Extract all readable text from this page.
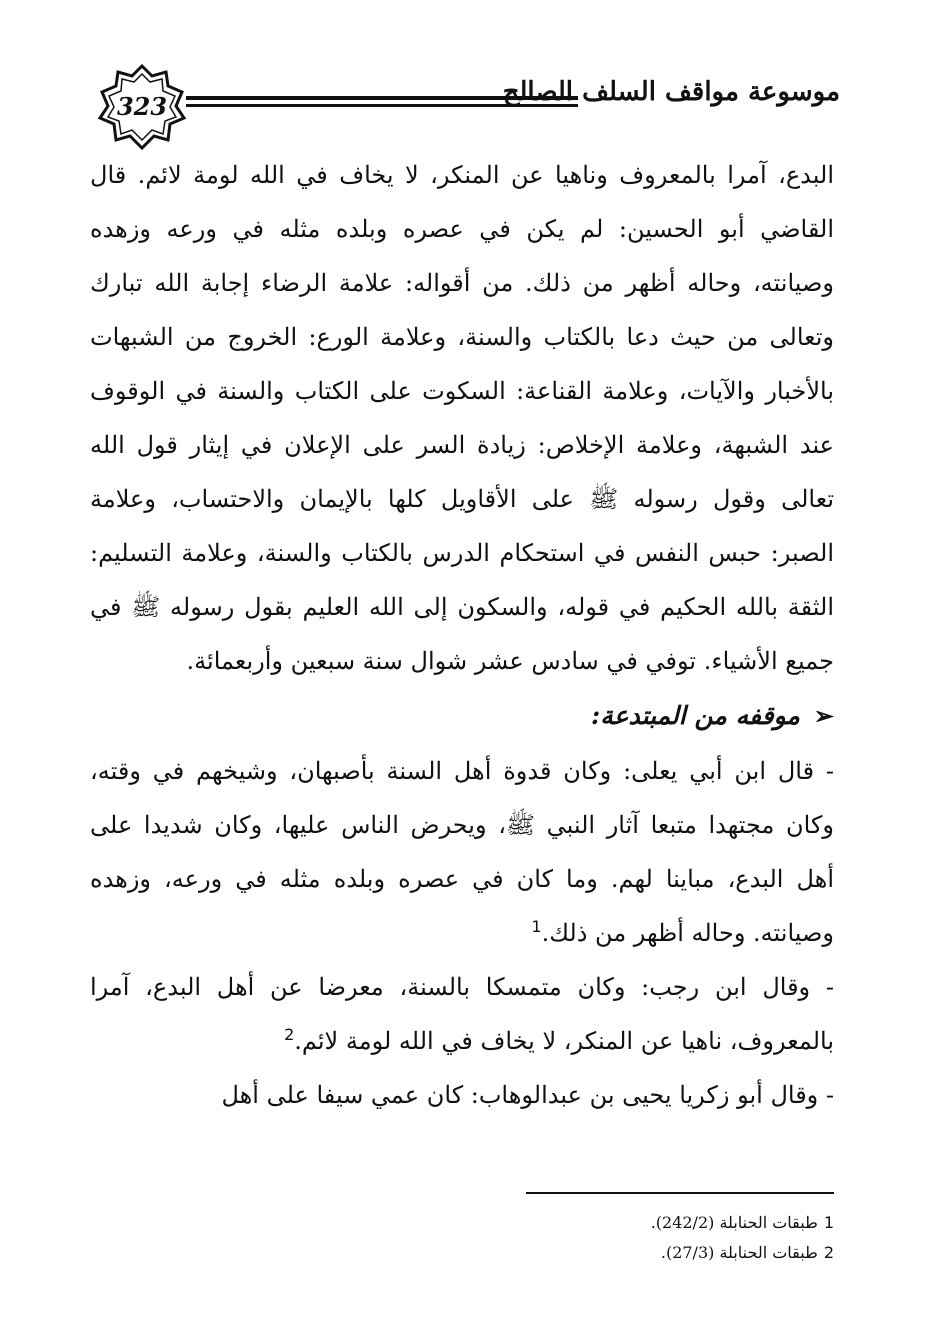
323	موسوعة مواقف السلف الصالح

البدع، آمرا بالمعروف وناهيا عن المنكر، لا يخاف في الله لومة لائم. قال القاضي أبو الحسين: لم يكن في عصره وبلده مثله في ورعه وزهده وصيانته، وحاله أظهر من ذلك. من أقواله: علامة الرضاء إجابة الله تبارك وتعالى من حيث دعا بالكتاب والسنة، وعلامة الورع: الخروج من الشبهات بالأخبار والآيات، وعلامة القناعة: السكوت على الكتاب والسنة في الوقوف عند الشبهة، وعلامة الإخلاص: زيادة السر على الإعلان في إيثار قول الله تعالى وقول رسوله ﷺ على الأقاويل كلها بالإيمان والاحتساب، وعلامة الصبر: حبس النفس في استحكام الدرس بالكتاب والسنة، وعلامة التسليم: الثقة بالله الحكيم في قوله، والسكون إلى الله العليم بقول رسوله ﷺ في جميع الأشياء. توفي في سادس عشر شوال سنة سبعين وأربعمائة.

➢موقفه من المبتدعة:

- قال ابن أبي يعلى: وكان قدوة أهل السنة بأصبهان، وشيخهم في وقته، وكان مجتهدا متبعا آثار النبي ﷺ، ويحرض الناس عليها، وكان شديدا على أهل البدع، مباينا لهم. وما كان في عصره وبلده مثله في ورعه، وزهده وصيانته. وحاله أظهر من ذلك.$^1$

- وقال ابن رجب: وكان متمسكا بالسنة، معرضا عن أهل البدع، آمرا بالمعروف، ناهيا عن المنكر، لا يخاف في الله لومة لائم.$^2$

- وقال أبو زكريا يحيى بن عبدالوهاب: كان عمي سيفا على أهل

1طبقات الحنابلة (242/2).
2طبقات الحنابلة (27/3).
